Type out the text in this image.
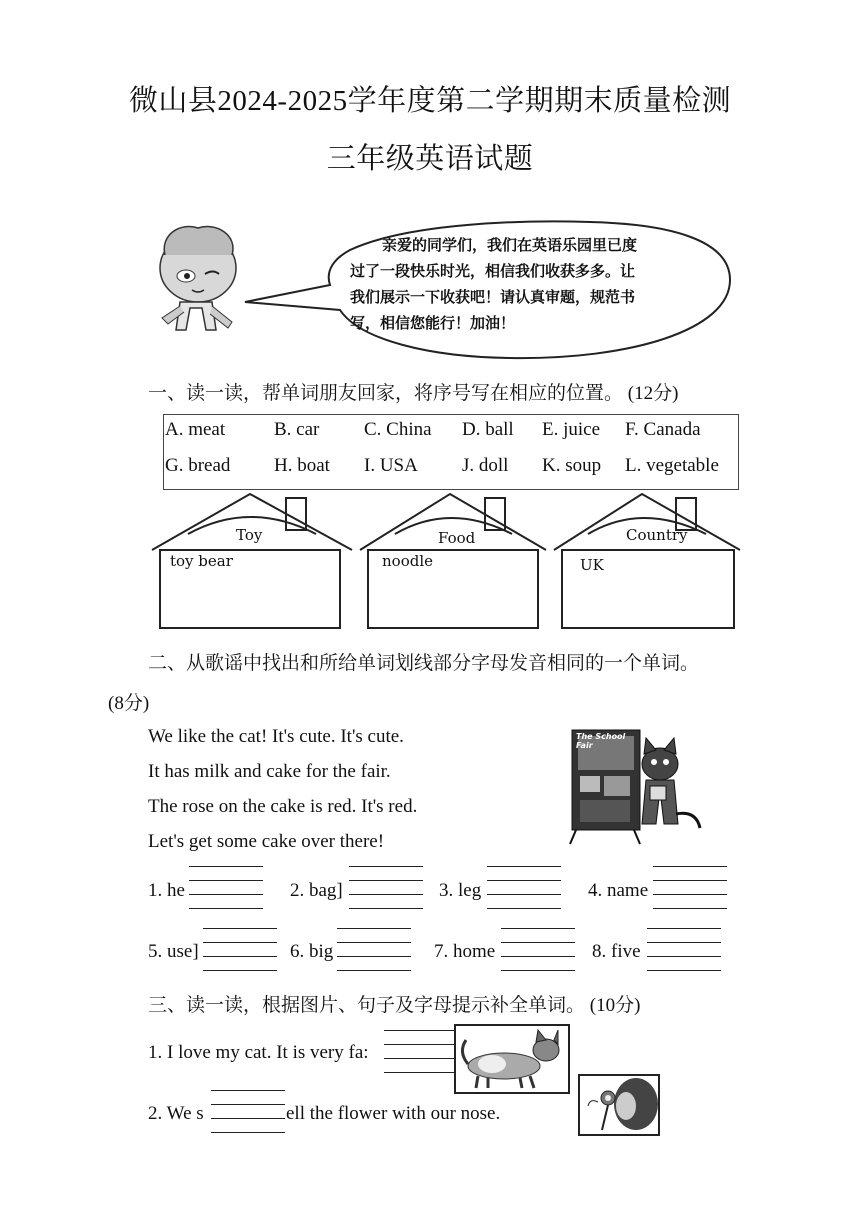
微山县2024-2025学年度第二学期期末质量检测
三年级英语试题
亲爱的同学们，我们在英语乐园里已度
过了一段快乐时光，相信我们收获多多。让
我们展示一下收获吧！请认真审题，规范书
写，相信您能行！加油！
一、读一读，帮单词朋友回家，将序号写在相应的位置。 (12分)
A. meat	B. car C. China D. ball E. juice F. Canada
G. bread H. boat I. USA J. doll K. soup L. vegetable
Toy
toy bear
Food
noodle
Country
UK
二、从歌谣中找出和所给单词划线部分字母发音相同的一个单词。
(8分)
We like the cat! It's cute. It's cute.
It has milk and cake for the fair.
The rose on the cake is red. It's red.
Let's get some cake over there!
The School Fair
1. he	2. bag]	3. leg	4. name
5. use]	6. big	7. home	8. five
三、读一读，根据图片、句子及字母提示补全单词。 (10分)
1. I love my cat. It is very fa:
2. We s	ell the flower with our nose.
